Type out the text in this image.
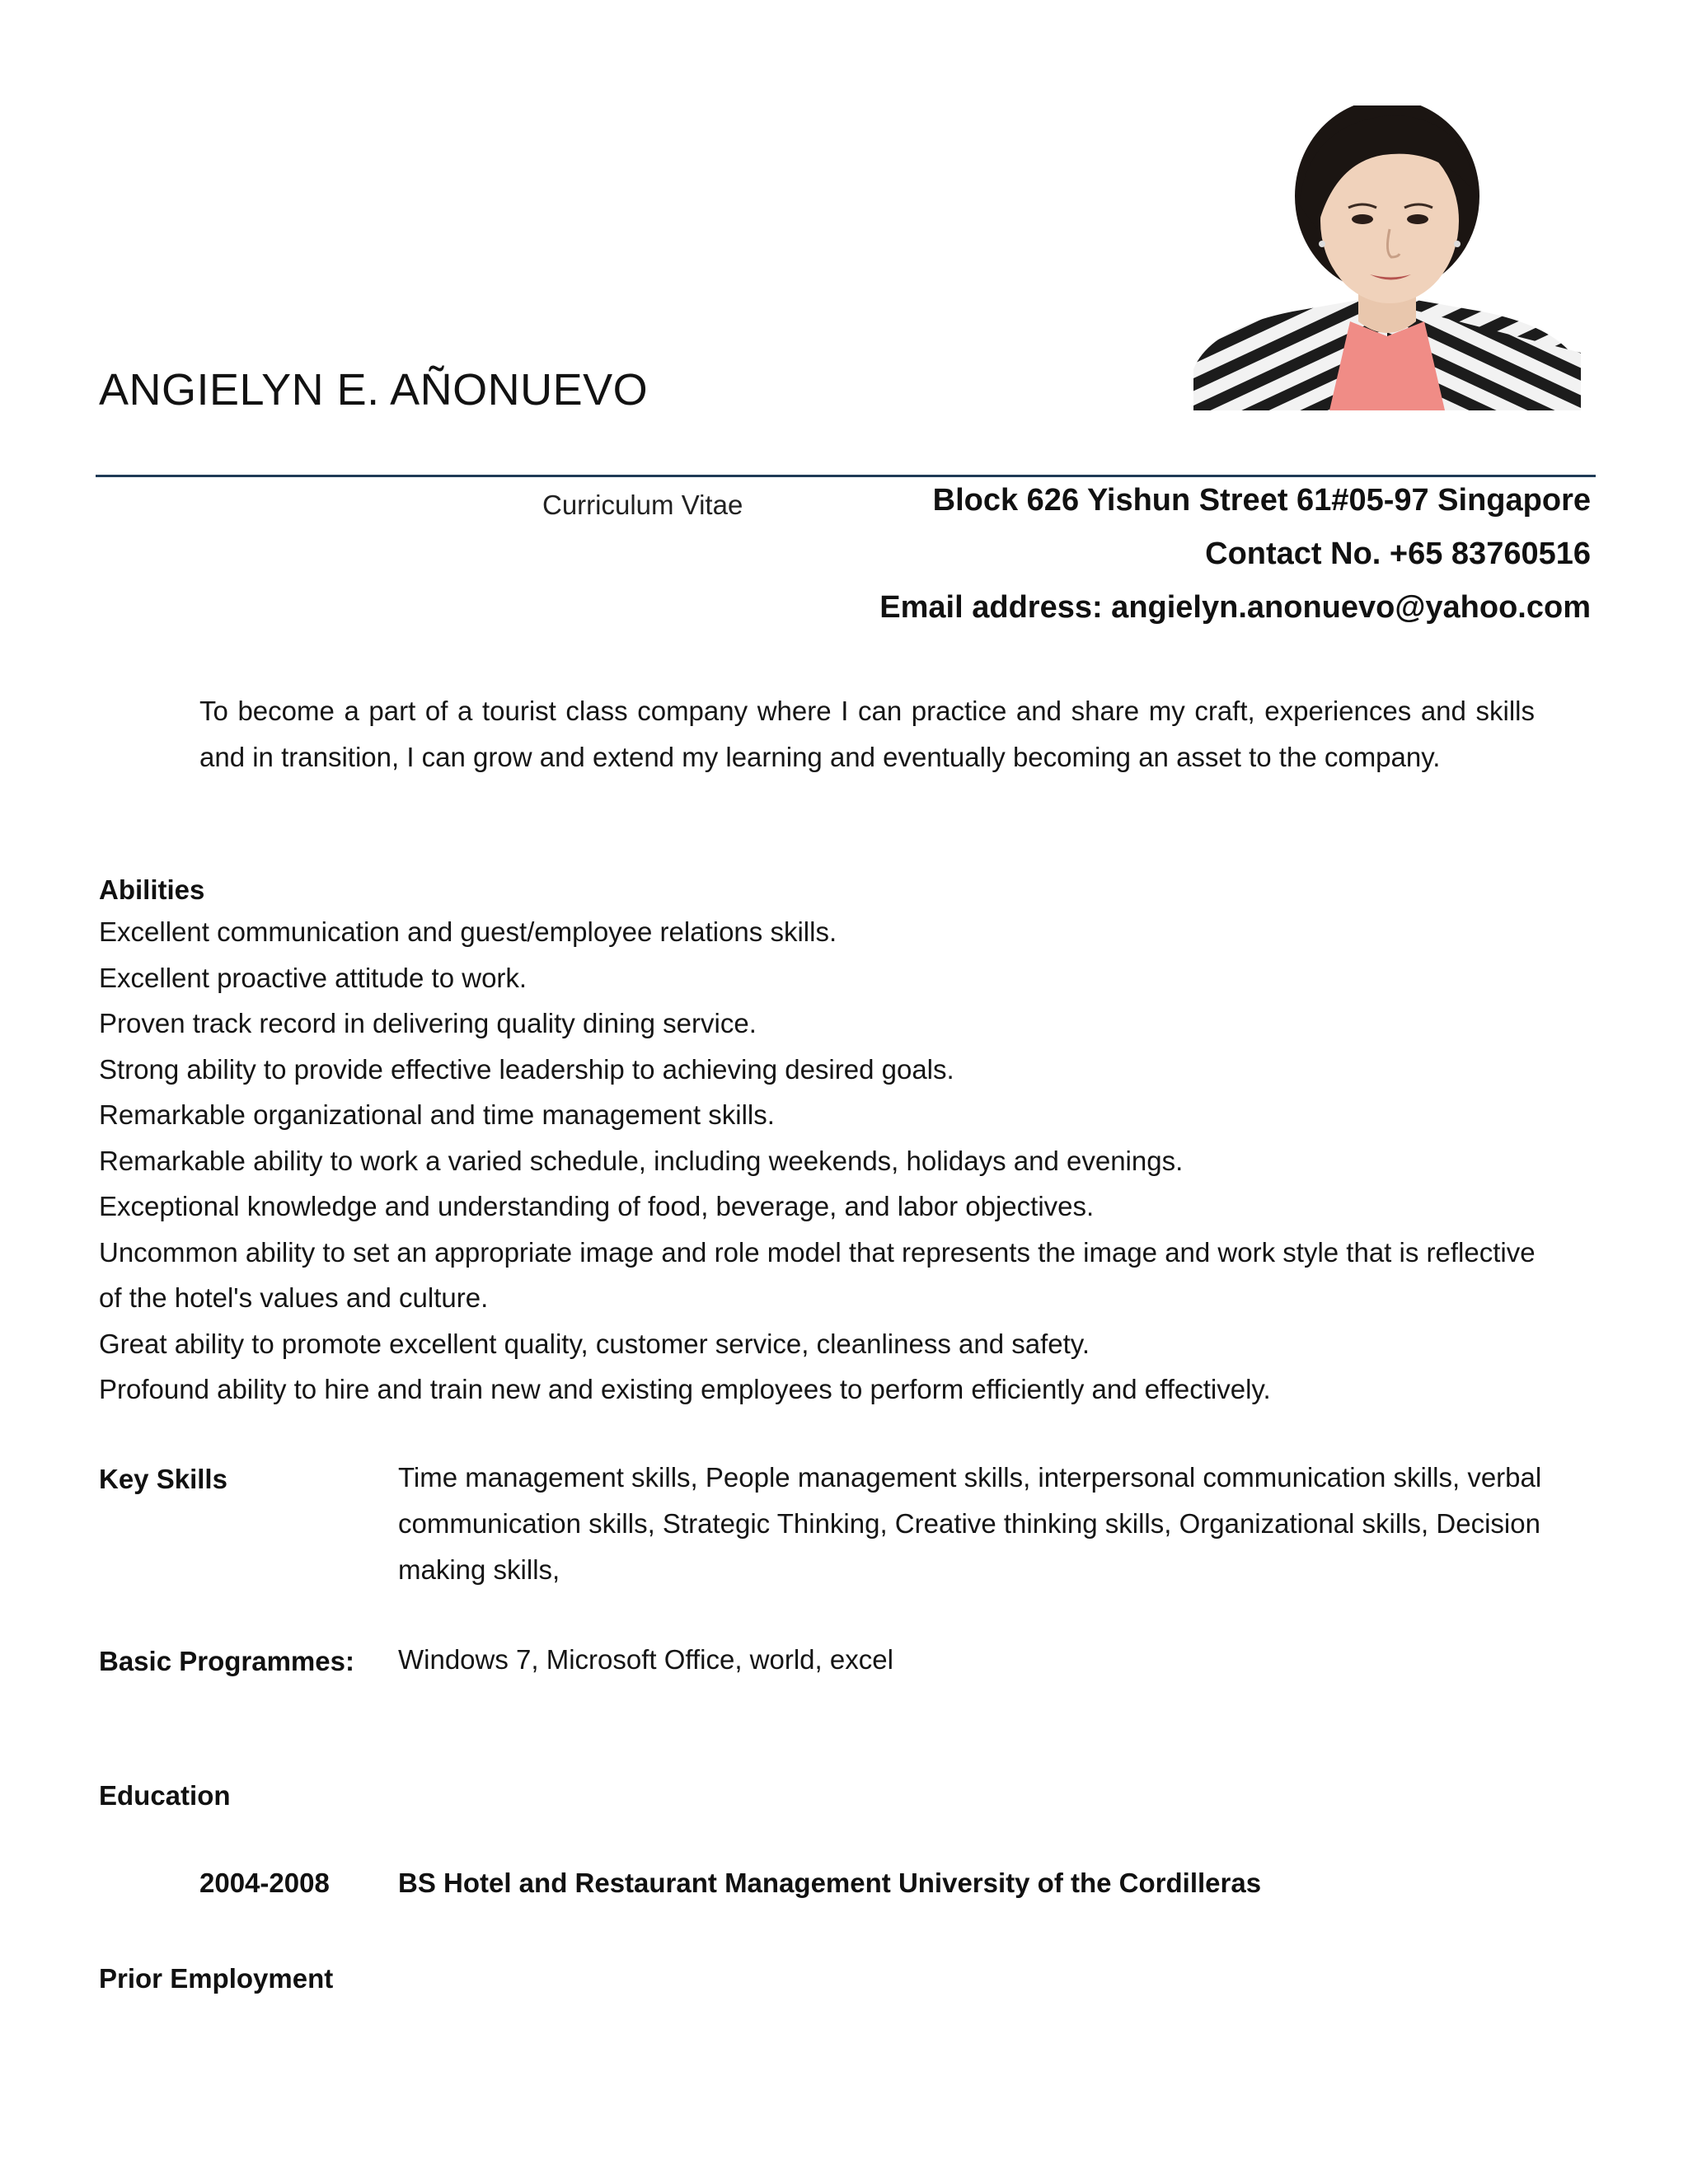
ANGIELYN E. AÑONUEVO
Curriculum Vitae	Block 626 Yishun Street 61#05-97 Singapore
Contact No. +65 83760516
Email address: angielyn.anonuevo@yahoo.com
To become a part of a tourist class company where I can practice and share my craft, experiences and skills and in transition, I can grow and extend my learning and eventually becoming an asset to the company.
Abilities
Excellent communication and guest/employee relations skills.
Excellent proactive attitude to work.
Proven track record in delivering quality dining service.
Strong ability to provide effective leadership to achieving desired goals.
Remarkable organizational and time management skills.
Remarkable ability to work a varied schedule, including weekends, holidays and evenings.
Exceptional knowledge and understanding of food, beverage, and labor objectives.
Uncommon ability to set an appropriate image and role model that represents the image and work style that is reflective of the hotel's values and culture.
Great ability to promote excellent quality, customer service, cleanliness and safety.
Profound ability to hire and train new and existing employees to perform efficiently and effectively.
Key Skills	Time management skills, People management skills, interpersonal communication skills, verbal communication skills, Strategic Thinking, Creative thinking skills, Organizational skills, Decision making skills,
Basic Programmes: Windows 7, Microsoft Office, world, excel
Education
2004-2008	BS Hotel and Restaurant Management University of the Cordilleras
Prior Employment
